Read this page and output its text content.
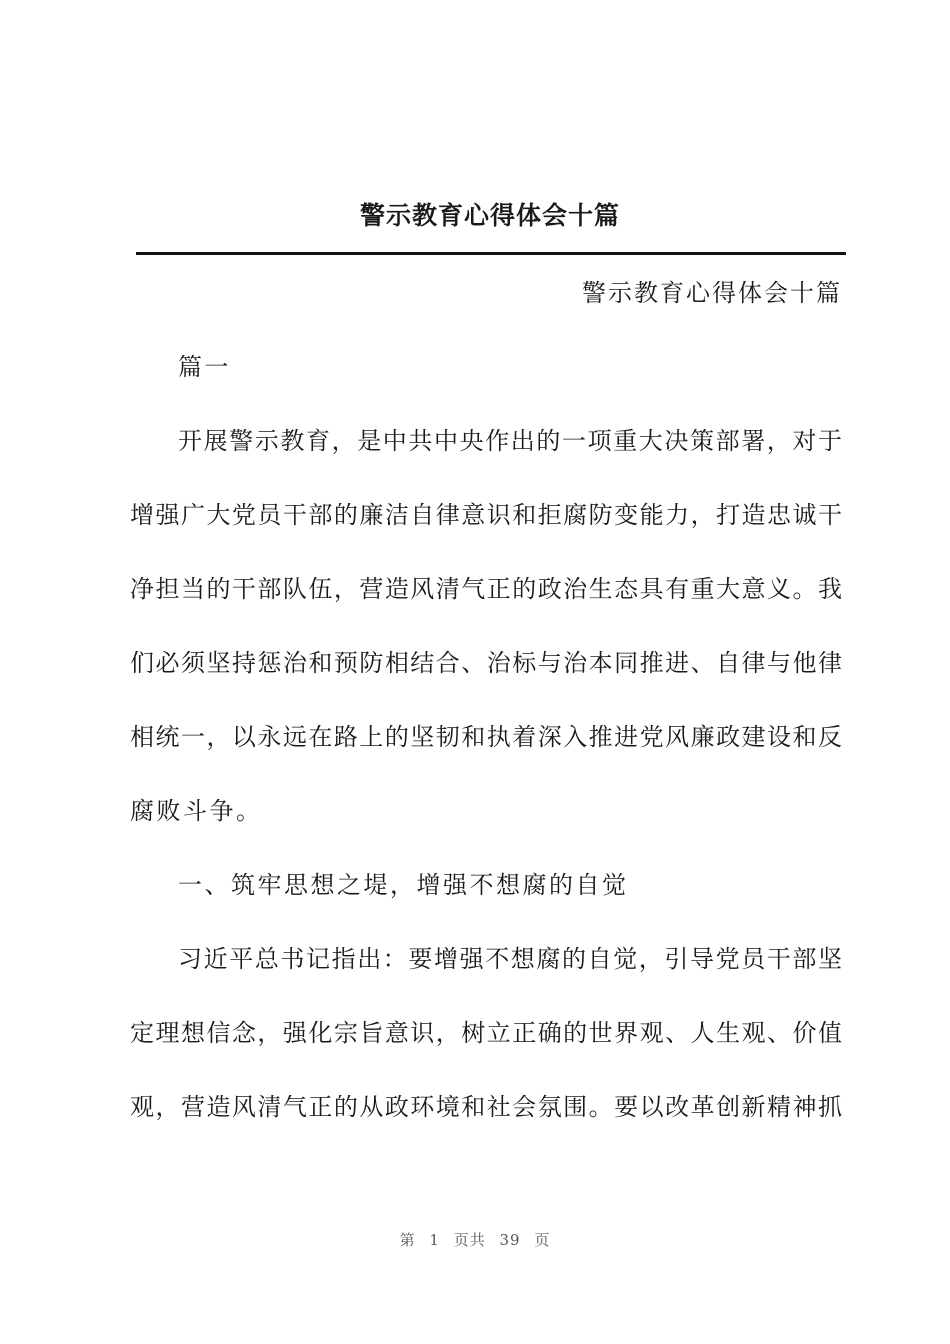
警示教育心得体会十篇
警示教育心得体会十篇
篇一
开展警示教育，是中共中央作出的一项重大决策部署，对于
增强广大党员干部的廉洁自律意识和拒腐防变能力，打造忠诚干
净担当的干部队伍，营造风清气正的政治生态具有重大意义。我
们必须坚持惩治和预防相结合、治标与治本同推进、自律与他律
相统一，以永远在路上的坚韧和执着深入推进党风廉政建设和反
腐败斗争。
一、筑牢思想之堤，增强不想腐的自觉
习近平总书记指出：要增强不想腐的自觉，引导党员干部坚
定理想信念，强化宗旨意识，树立正确的世界观、人生观、价值
观，营造风清气正的从政环境和社会氛围。要以改革创新精神抓
第 1 页共 39 页
